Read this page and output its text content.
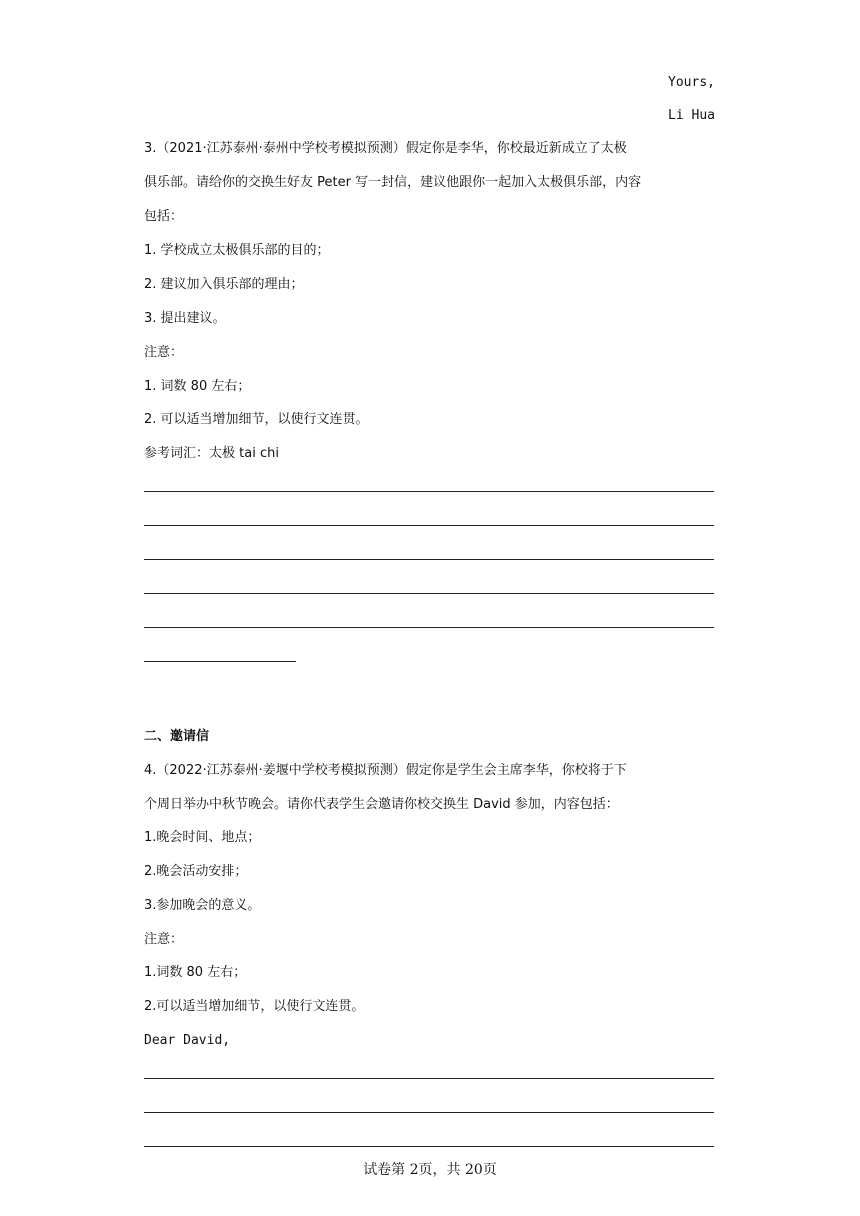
Yours,
Li Hua
3.（2021·江苏泰州·泰州中学校考模拟预测）假定你是李华，你校最近新成立了太极
俱乐部。请给你的交换生好友 Peter 写一封信，建议他跟你一起加入太极俱乐部，内容
包括：
1. 学校成立太极俱乐部的目的；
2. 建议加入俱乐部的理由；
3. 提出建议。
注意：
1. 词数 80 左右；
2. 可以适当增加细节，以使行文连贯。
参考词汇：太极 tai chi
二、邀请信
4.（2022·江苏泰州·姜堰中学校考模拟预测）假定你是学生会主席李华，你校将于下
个周日举办中秋节晚会。请你代表学生会邀请你校交换生 David 参加，内容包括：
1.晚会时间、地点；
2.晚会活动安排；
3.参加晚会的意义。
注意：
1.词数 80 左右；
2.可以适当增加细节，以使行文连贯。
Dear David,
试卷第 2页，共 20页
